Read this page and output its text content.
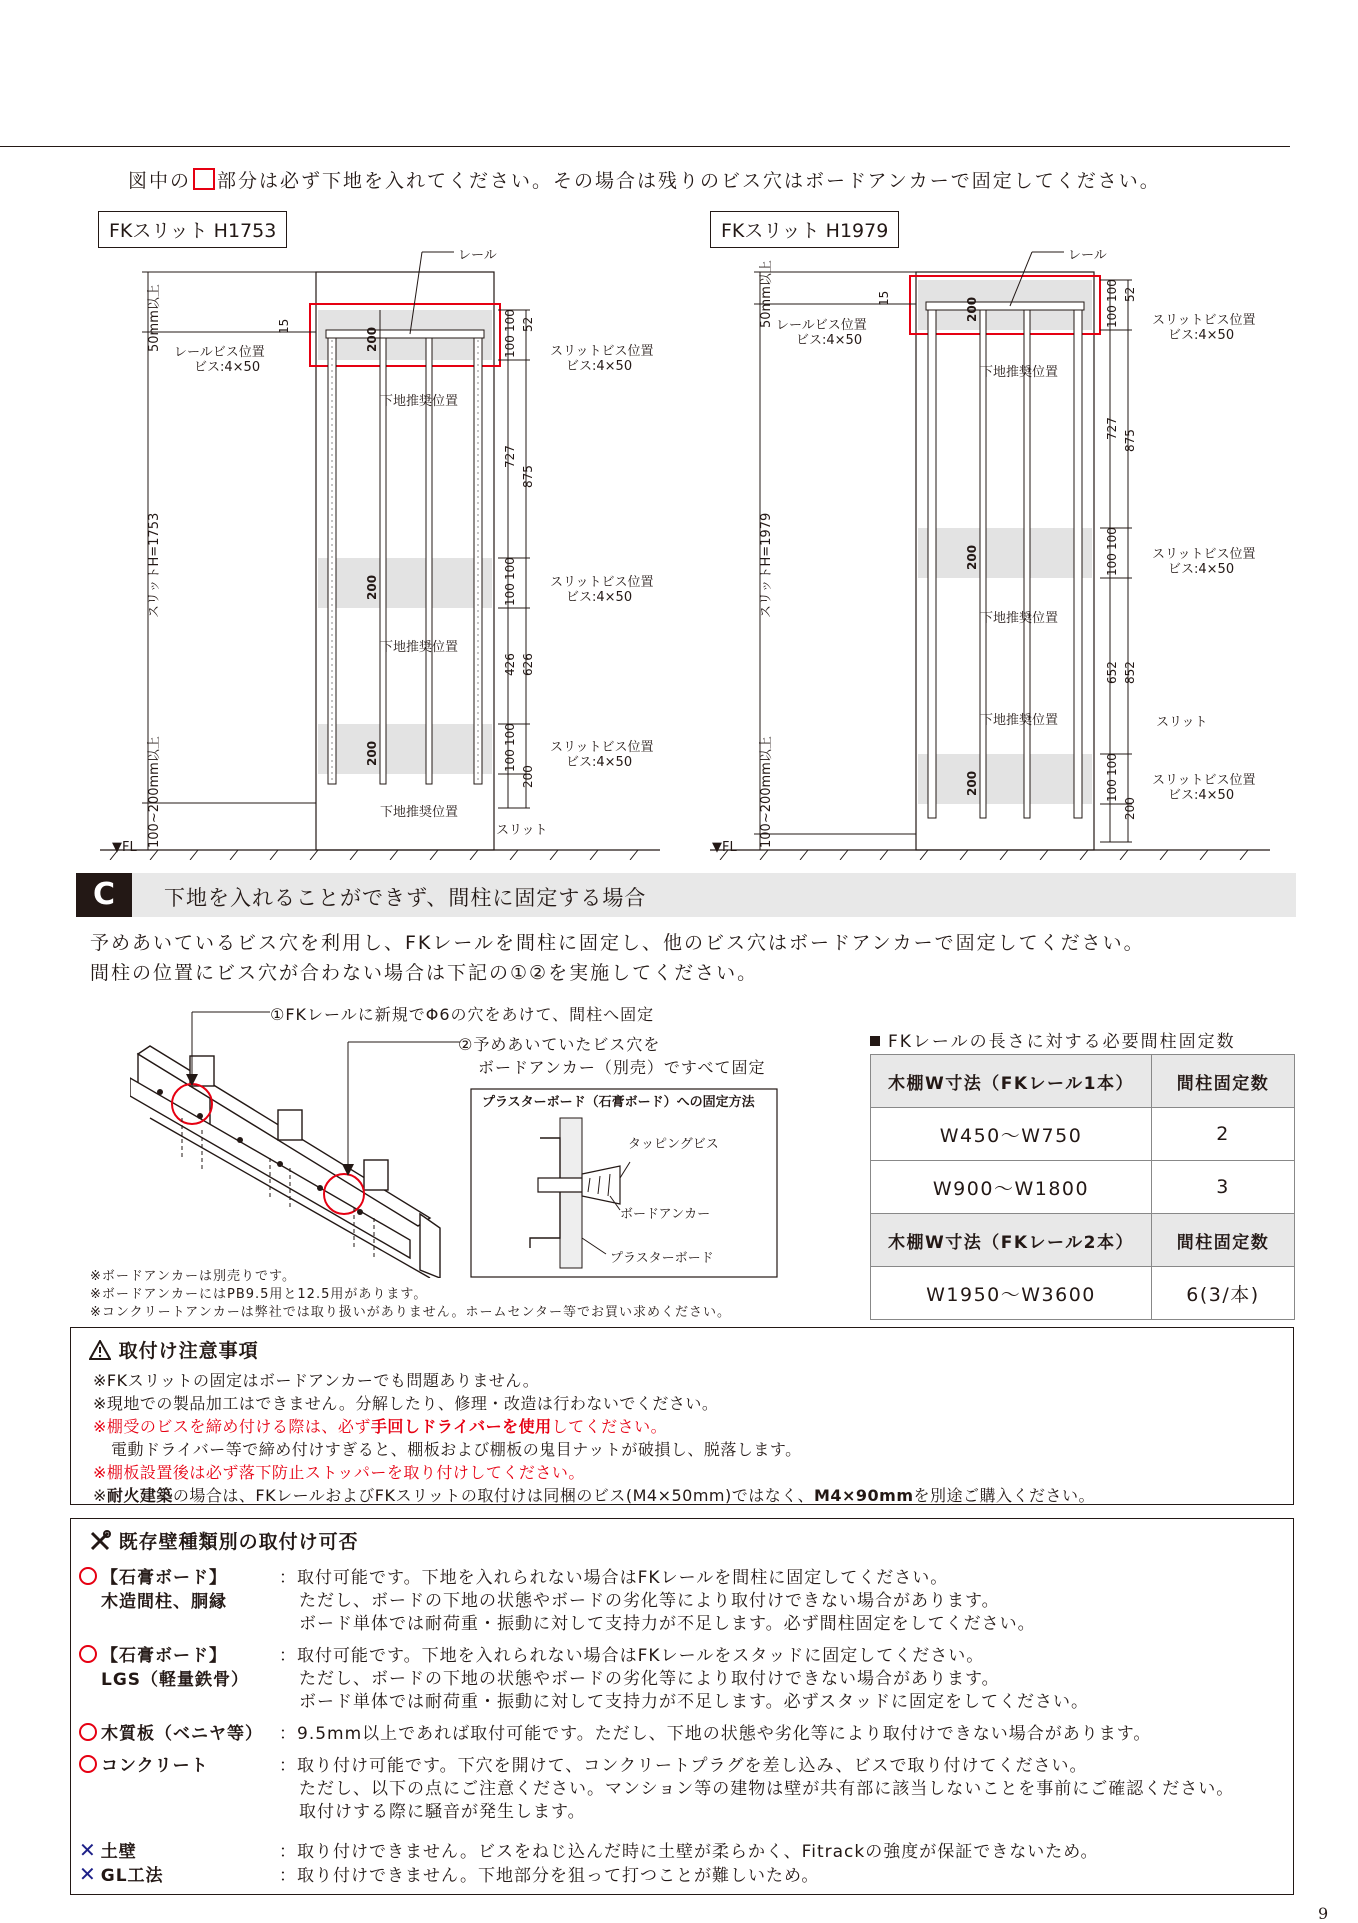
図中の 部分は必ず下地を入れてください。その場合は残りのビス穴はボードアンカーで固定してください。
FKスリット H1753
レール
レールビス位置
ビス:4×50
スリットビス位置
ビス:4×50
スリットビス位置
ビス:4×50
スリットビス位置
ビス:4×50
下地推奨位置
下地推奨位置
下地推奨位置
スリット
50mm以上
スリットH=1753
100~200mm以上
▼FL
15
200
200
200
100
100
52
727
875
100
100
426 626
100
100
200
FKスリット H1979
レール
レールビス位置
ビス:4×50
スリットビス位置
ビス:4×50
スリットビス位置
ビス:4×50
スリットビス位置
ビス:4×50
下地推奨位置
下地推奨位置
下地推奨位置	スリット
50mm以上
スリットH=1979
100~200mm以上
▼FL
15	200
200
200
100
100
52
727
875
100
100
652 852
100
100
200
C	下地を入れることができず、間柱に固定する場合
予めあいているビス穴を利用し、FKレールを間柱に固定し、他のビス穴はボードアンカーで固定してください。
間柱の位置にビス穴が合わない場合は下記の①②を実施してください。
①FKレールに新規でΦ6の穴をあけて、間柱へ固定
②予めあいていたビス穴を
ボードアンカー（別売）ですべて固定
プラスターボード（石膏ボード）への固定方法
タッピングビス
ボードアンカー
プラスターボード
※ボードアンカーは別売りです。
※ボードアンカーにはPB9.5用と12.5用があります。
※コンクリートアンカーは弊社では取り扱いがありません。ホームセンター等でお買い求めください。
FKレールの長さに対する必要間柱固定数
木棚W寸法（FKレール1本）	間柱固定数
W450～W750	2
W900～W1800	3
木棚W寸法（FKレール2本）	間柱固定数
W1950～W3600	6(3/本)
取付け注意事項
※FKスリットの固定はボードアンカーでも問題ありません。
※現地での製品加工はできません。分解したり、修理・改造は行わないでください。
※棚受のビスを締め付ける際は、必ず手回しドライバーを使用してください。
電動ドライバー等で締め付けすぎると、棚板および棚板の鬼目ナットが破損し、脱落します。
※棚板設置後は必ず落下防止ストッパーを取り付けしてください。
※耐火建築の場合は、FKレールおよびFKスリットの取付けは同梱のビス(M4×50mm)ではなく、M4×90mmを別途ご購入ください。
既存壁種類別の取付け可否
【石膏ボード】
木造間柱、胴縁
：取付可能です。下地を入れられない場合はFKレールを間柱に固定してください。
ただし、ボードの下地の状態やボードの劣化等により取付けできない場合があります。
ボード単体では耐荷重・振動に対して支持力が不足します。必ず間柱固定をしてください。
【石膏ボード】
LGS（軽量鉄骨）
：取付可能です。下地を入れられない場合はFKレールをスタッドに固定してください。
ただし、ボードの下地の状態やボードの劣化等により取付けできない場合があります。
ボード単体では耐荷重・振動に対して支持力が不足します。必ずスタッドに固定をしてください。
木質板（ベニヤ等） ：9.5mm以上であれば取付可能です。ただし、下地の状態や劣化等により取付けできない場合があります。
コンクリート	：取り付け可能です。下穴を開けて、コンクリートプラグを差し込み、ビスで取り付けてください。
ただし、以下の点にご注意ください。マンション等の建物は壁が共有部に該当しないことを事前にご確認ください。
取付けする際に騒音が発生します。
✕ 土壁	：取り付けできません。ビスをねじ込んだ時に土壁が柔らかく、Fitrackの強度が保証できないため。
✕ GL工法	：取り付けできません。下地部分を狙って打つことが難しいため。
9
